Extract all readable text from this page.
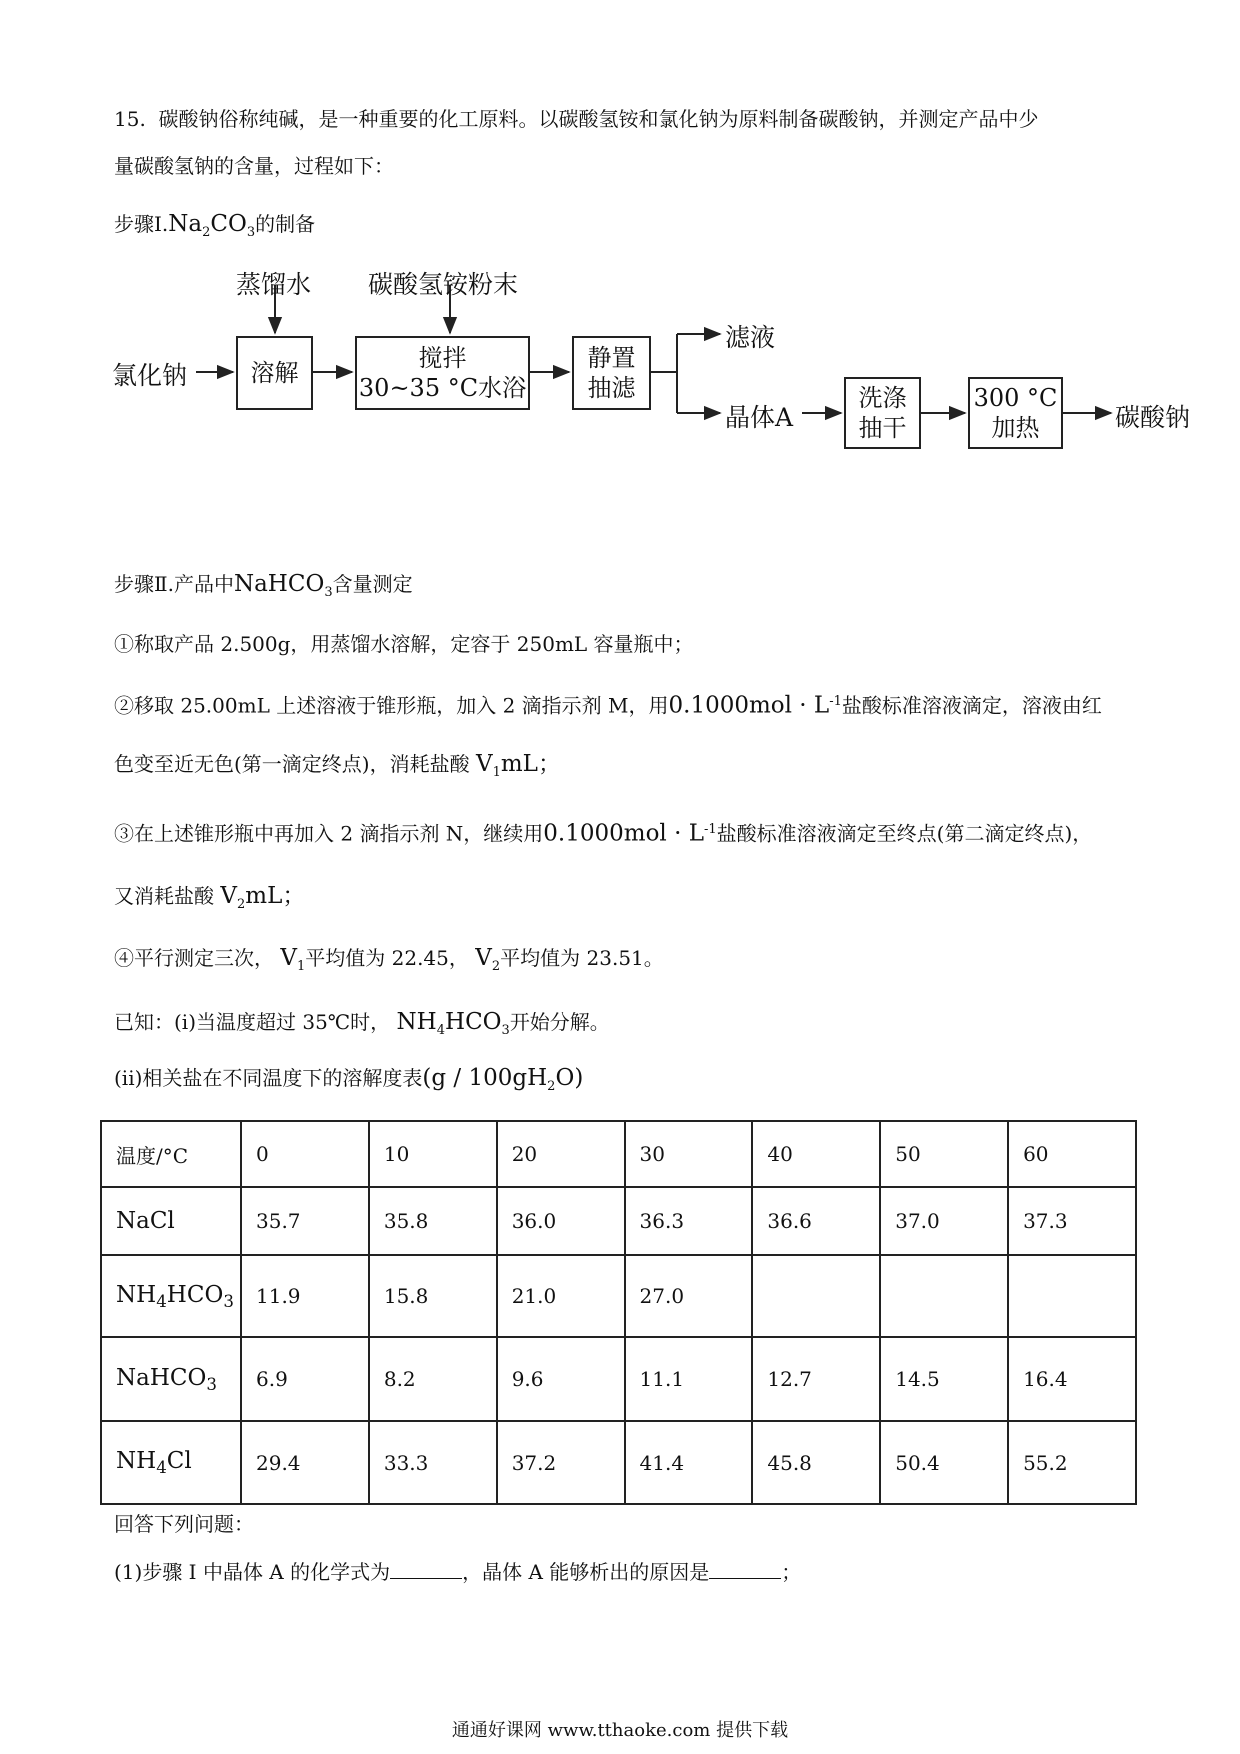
15. 碳酸钠俗称纯碱，是一种重要的化工原料。以碳酸氢铵和氯化钠为原料制备碳酸钠，并测定产品中少
量碳酸氢钠的含量，过程如下：
步骤$Ⅰ.Na_2CO_3$的制备
氯化钠
蒸馏水
溶解
碳酸氢铵粉末
搅拌
30~35 °C水浴
静置
抽滤
滤液
晶体A
洗涤
抽干
300 °C
加热	碳酸钠
步骤Ⅱ.产品中NaHCO$_3$含量测定
①称取产品 2.500g，用蒸馏水溶解，定容于 250mL 容量瓶中；
②移取 25.00mL 上述溶液于锥形瓶，加入 2 滴指示剂 M，用$0.1000mol \cdot L^{-1}$盐酸标准溶液滴定，溶液由红
色变至近无色(第一滴定终点)，消耗盐酸 $V_1mL$；
③在上述锥形瓶中再加入 2 滴指示剂 N，继续用$0.1000mol \cdot L^{-1}$盐酸标准溶液滴定至终点(第二滴定终点)，
又消耗盐酸 $V_2mL$；
④平行测定三次， $V_1$平均值为 22.45， $V_2$平均值为 23.51。
已知：(i)当温度超过 35℃时， $NH_4HCO_3$开始分解。
(ii)相关盐在不同温度下的溶解度表$(g / 100gH_2O)$
温度/°C	0	10	20	30	40	50	60
NaCl	35.7	35.8	36.0	36.3	36.6	37.0	37.3
$NH_4HCO_3$	11.9	15.8	21.0	27.0			
NaHCO$_3$	6.9	8.2	9.6	11.1	12.7	14.5	16.4
$NH_4Cl$	29.4	33.3	37.2	41.4	45.8	50.4	55.2
回答下列问题：
(1)步骤 I 中晶体 A 的化学式为	，晶体 A 能够析出的原因是	；
通通好课网 www.tthaoke.com 提供下载
